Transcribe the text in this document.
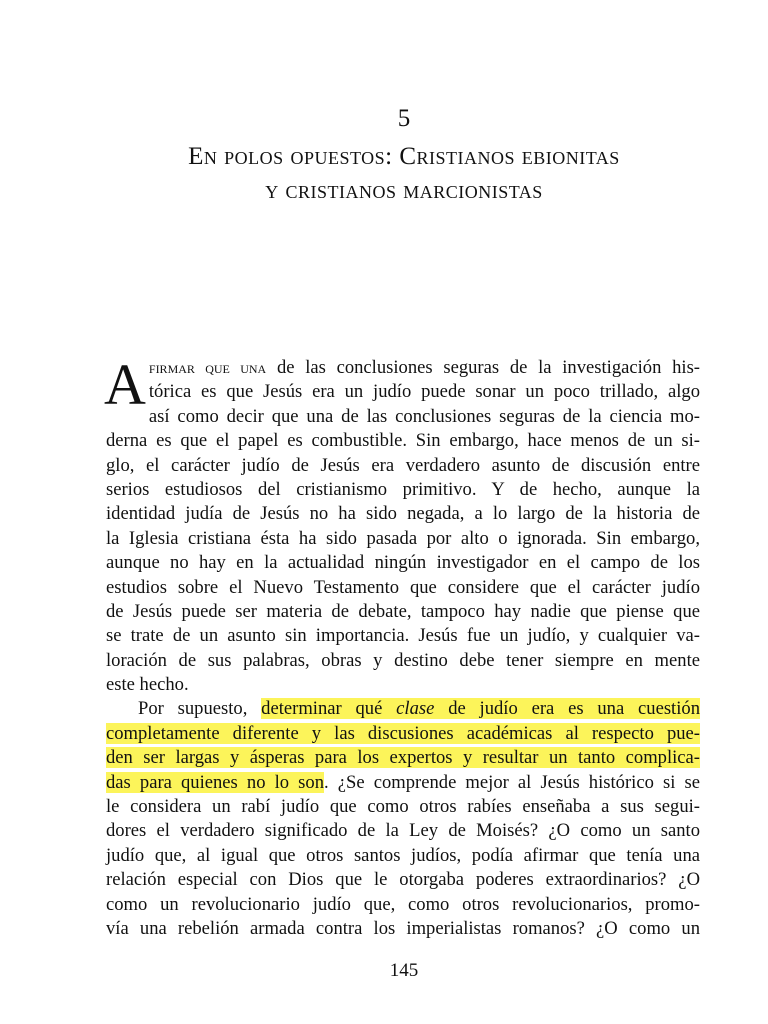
5
En polos opuestos: Cristianos ebionitas
y cristianos marcionistas
A firmar que una de las conclusiones seguras de la investigación his-
tórica es que Jesús era un judío puede sonar un poco trillado, algo
así como decir que una de las conclusiones seguras de la ciencia mo-
derna es que el papel es combustible. Sin embargo, hace menos de un si-
glo, el carácter judío de Jesús era verdadero asunto de discusión entre
serios estudiosos del cristianismo primitivo. Y de hecho, aunque la
identidad judía de Jesús no ha sido negada, a lo largo de la historia de
la Iglesia cristiana ésta ha sido pasada por alto o ignorada. Sin embargo,
aunque no hay en la actualidad ningún investigador en el campo de los
estudios sobre el Nuevo Testamento que considere que el carácter judío
de Jesús puede ser materia de debate, tampoco hay nadie que piense que
se trate de un asunto sin importancia. Jesús fue un judío, y cualquier va-
loración de sus palabras, obras y destino debe tener siempre en mente
este hecho.
Por supuesto, determinar qué clase de judío era es una cuestión
completamente diferente y las discusiones académicas al respecto pue-
den ser largas y ásperas para los expertos y resultar un tanto complica-
das para quienes no lo son. ¿Se comprende mejor al Jesús histórico si se
le considera un rabí judío que como otros rabíes enseñaba a sus segui-
dores el verdadero significado de la Ley de Moisés? ¿O como un santo
judío que, al igual que otros santos judíos, podía afirmar que tenía una
relación especial con Dios que le otorgaba poderes extraordinarios? ¿O
como un revolucionario judío que, como otros revolucionarios, promo-
vía una rebelión armada contra los imperialistas romanos? ¿O como un
145
